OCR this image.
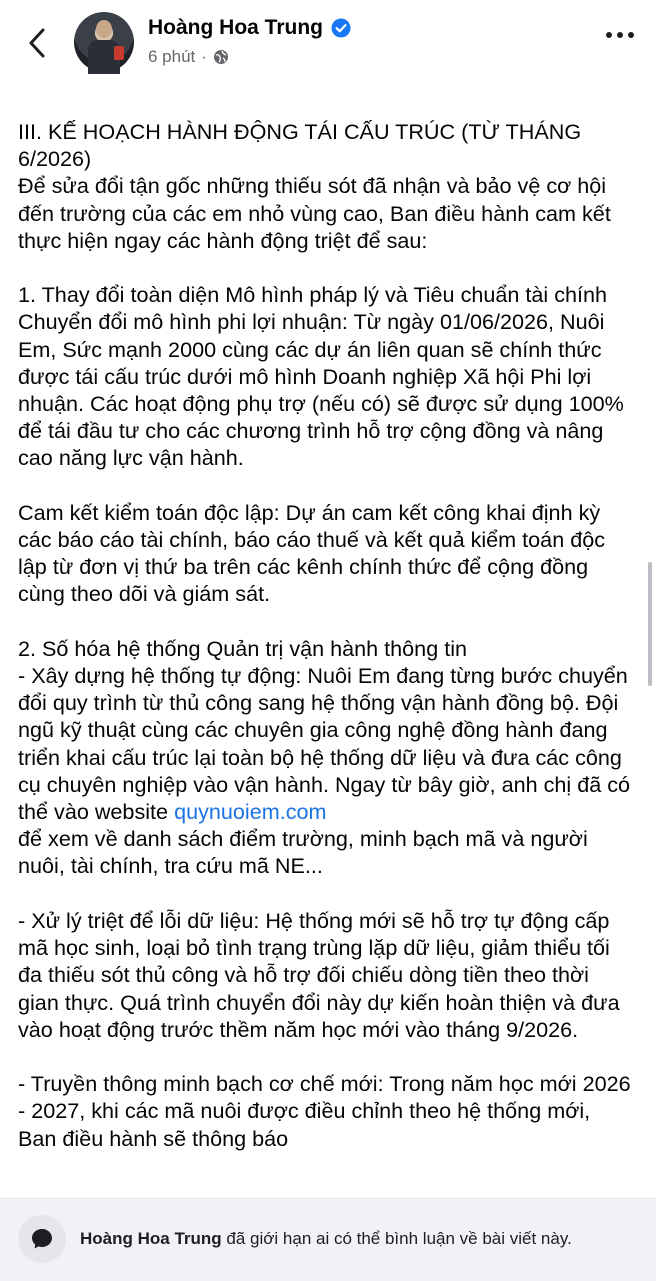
Hoàng Hoa Trung
6 phút ·

III. KẾ HOẠCH HÀNH ĐỘNG TÁI CẤU TRÚC (TỪ THÁNG 6/2026)
Để sửa đổi tận gốc những thiếu sót đã nhận và bảo vệ cơ hội đến trường của các em nhỏ vùng cao, Ban điều hành cam kết thực hiện ngay các hành động triệt để sau:

1. Thay đổi toàn diện Mô hình pháp lý và Tiêu chuẩn tài chính
Chuyển đổi mô hình phi lợi nhuận: Từ ngày 01/06/2026, Nuôi Em, Sức mạnh 2000 cùng các dự án liên quan sẽ chính thức được tái cấu trúc dưới mô hình Doanh nghiệp Xã hội Phi lợi nhuận. Các hoạt động phụ trợ (nếu có) sẽ được sử dụng 100% để tái đầu tư cho các chương trình hỗ trợ cộng đồng và nâng cao năng lực vận hành.

Cam kết kiểm toán độc lập: Dự án cam kết công khai định kỳ các báo cáo tài chính, báo cáo thuế và kết quả kiểm toán độc lập từ đơn vị thứ ba trên các kênh chính thức để cộng đồng cùng theo dõi và giám sát.

2. Số hóa hệ thống Quản trị vận hành thông tin
- Xây dựng hệ thống tự động: Nuôi Em đang từng bước chuyển đổi quy trình từ thủ công sang hệ thống vận hành đồng bộ. Đội ngũ kỹ thuật cùng các chuyên gia công nghệ đồng hành đang triển khai cấu trúc lại toàn bộ hệ thống dữ liệu và đưa các công cụ chuyên nghiệp vào vận hành. Ngay từ bây giờ, anh chị đã có thể vào website quynuoiem.com
để xem về danh sách điểm trường, minh bạch mã và người nuôi, tài chính, tra cứu mã NE...

- Xử lý triệt để lỗi dữ liệu: Hệ thống mới sẽ hỗ trợ tự động cấp mã học sinh, loại bỏ tình trạng trùng lặp dữ liệu, giảm thiểu tối đa thiếu sót thủ công và hỗ trợ đối chiếu dòng tiền theo thời gian thực. Quá trình chuyển đổi này dự kiến hoàn thiện và đưa vào hoạt động trước thềm năm học mới vào tháng 9/2026.

- Truyền thông minh bạch cơ chế mới: Trong năm học mới 2026 - 2027, khi các mã nuôi được điều chỉnh theo hệ thống mới, Ban điều hành sẽ thông báo

Hoàng Hoa Trung đã giới hạn ai có thể bình luận về bài viết này.
